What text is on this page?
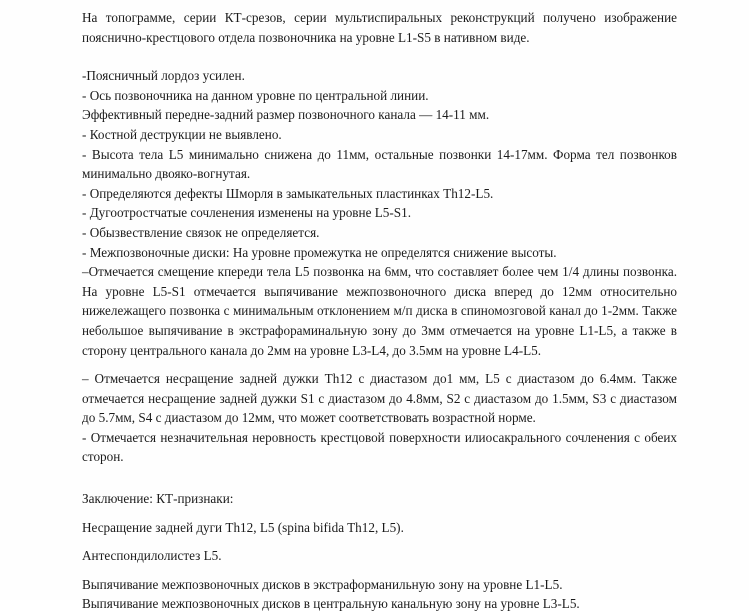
На топограмме, серии КТ-срезов, серии мультиспиральных реконструкций получено изображение пояснично-крестцового отдела позвоночника на уровне L1-S5 в нативном виде.

-Поясничный лордоз усилен.

- Ось позвоночника на данном уровне по центральной линии.

Эффективный передне-задний размер позвоночного канала — 14-11 мм.

- Костной деструкции не выявлено.

- Высота тела L5 минимально снижена до 11мм, остальные позвонки 14-17мм. Форма тел позвонков минимально двояко-вогнутая.

- Определяются дефекты Шморля в замыкательных пластинках Th12-L5.

- Дугоотростчатые сочленения изменены на уровне L5-S1.

- Обызвествление связок не определяется.

- Межпозвоночные диски: На уровне промежутка не определятся снижение высоты.

–Отмечается смещение кпереди тела L5 позвонка на 6мм, что составляет более чем 1/4 длины позвонка. На уровне L5-S1 отмечается выпячивание межпозвоночного диска вперед до 12мм относительно нижележащего позвонка с минимальным отклонением м/п диска в спиномозговой канал до 1-2мм. Также небольшое выпячивание в экстрафораминальную зону до 3мм отмечается на уровне L1-L5, а также в сторону центрального канала до 2мм на уровне L3-L4, до 3.5мм на уровне L4-L5.

– Отмечается несращение задней дужки Th12 с диастазом до1 мм, L5 с диастазом до 6.4мм. Также отмечается несращение задней дужки S1 с диастазом до 4.8мм, S2 с диастазом до 1.5мм, S3 с диастазом до 5.7мм, S4 с диастазом до 12мм, что может соответствовать возрастной норме.

- Отмечается незначительная неровность крестцовой поверхности илиосакрального сочленения с обеих сторон.

Заключение: КТ-признаки:

Несращение задней дуги Th12, L5 (spina bifida Th12, L5).

Антеспондилолистез L5.

Выпячивание межпозвоночных дисков в экстраформанильную зону на уровне L1-L5.

Выпячивание межпозвоночных дисков в центральную канальную зону на уровне L3-L5.
